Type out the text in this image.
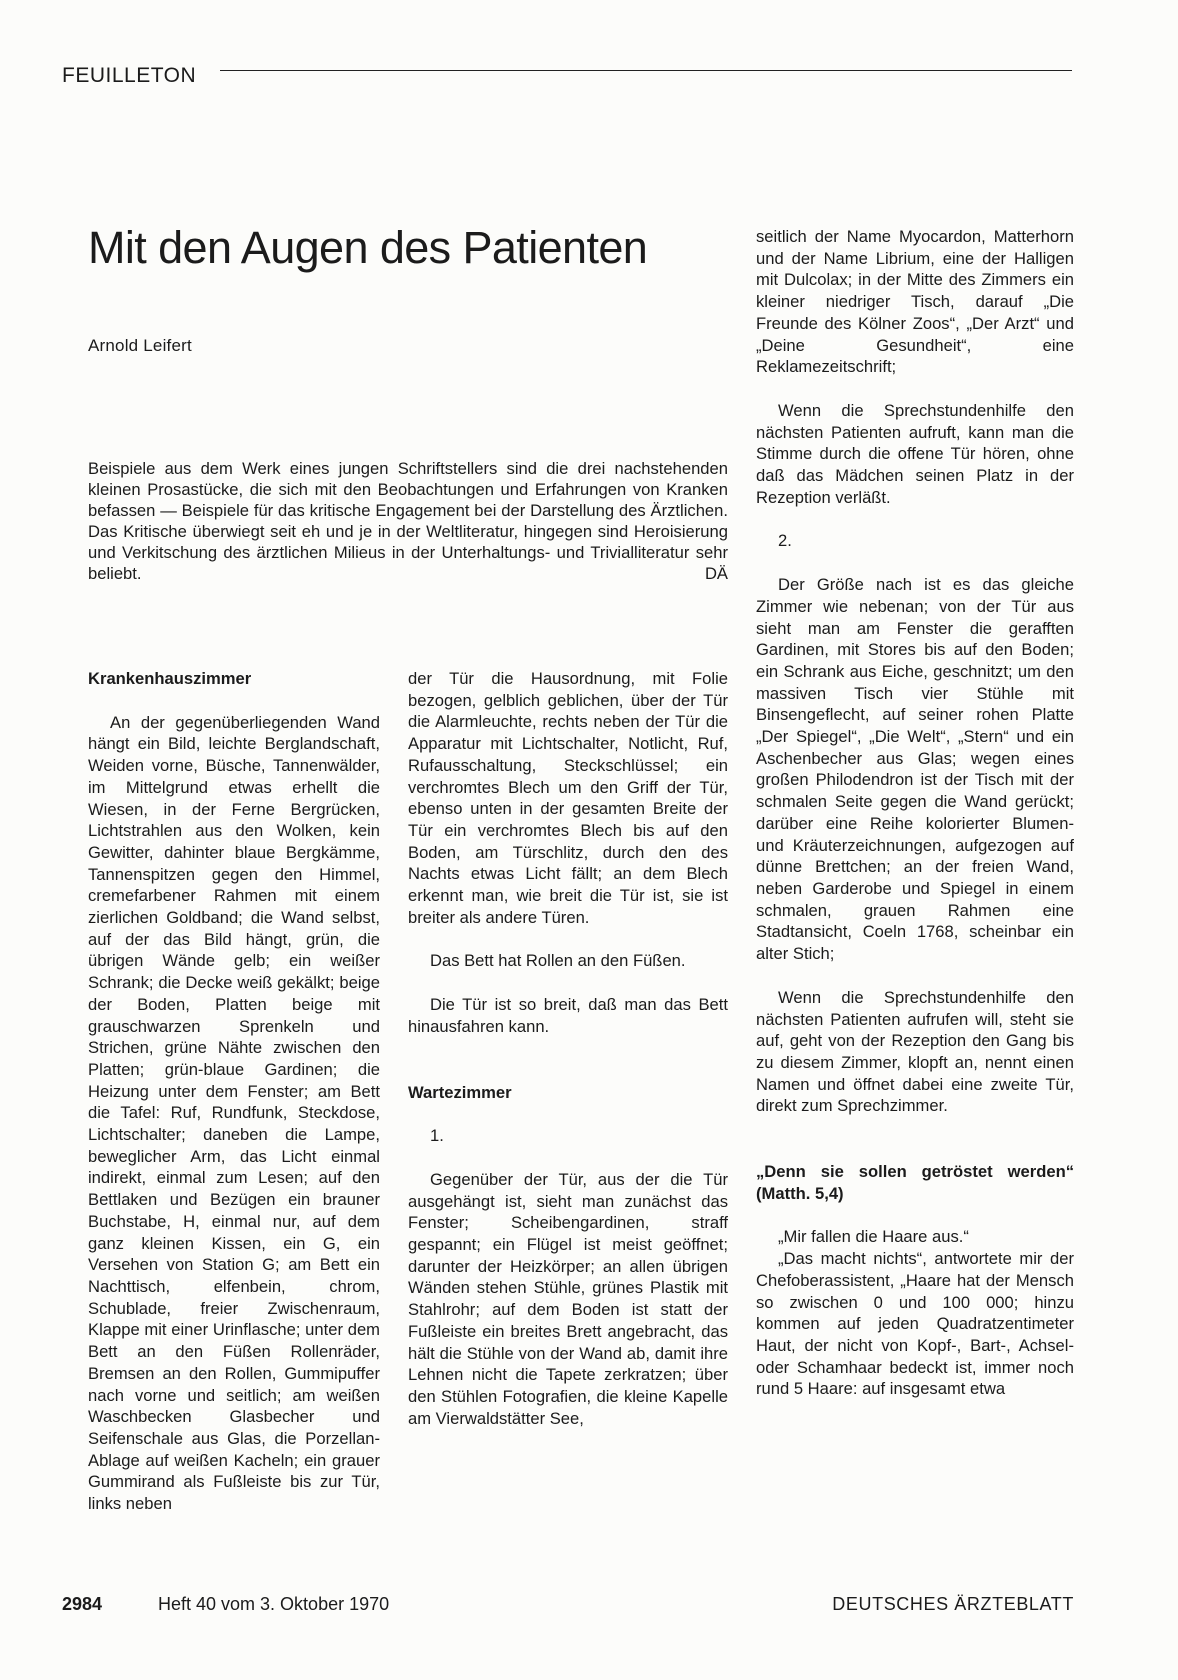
FEUILLETON
Mit den Augen des Patienten
Arnold Leifert

Beispiele aus dem Werk eines jungen Schriftstellers sind die drei nachstehenden kleinen Prosastücke, die sich mit den Beobachtungen und Erfahrungen von Kranken befassen — Beispiele für das kritische Engagement bei der Darstellung des Ärztlichen. Das Kritische überwiegt seit eh und je in der Weltliteratur, hingegen sind Heroisierung und Verkitschung des ärztlichen Milieus in der Unterhaltungs- und Trivialliteratur sehr beliebt.	DÄ

Krankenhauszimmer

An der gegenüberliegenden Wand hängt ein Bild, leichte Berglandschaft, Weiden vorne, Büsche, Tannenwälder, im Mittelgrund etwas erhellt die Wiesen, in der Ferne Bergrücken, Lichtstrahlen aus den Wolken, kein Gewitter, dahinter blaue Bergkämme, Tannenspitzen gegen den Himmel, cremefarbener Rahmen mit einem zierlichen Goldband; die Wand selbst, auf der das Bild hängt, grün, die übrigen Wände gelb; ein weißer Schrank; die Decke weiß gekälkt; beige der Boden, Platten beige mit grauschwarzen Sprenkeln und Strichen, grüne Nähte zwischen den Platten; grün-blaue Gardinen; die Heizung unter dem Fenster; am Bett die Tafel: Ruf, Rundfunk, Steckdose, Lichtschalter; daneben die Lampe, beweglicher Arm, das Licht einmal indirekt, einmal zum Lesen; auf den Bettlaken und Bezügen ein brauner Buchstabe, H, einmal nur, auf dem ganz kleinen Kissen, ein G, ein Versehen von Station G; am Bett ein Nachttisch, elfenbein, chrom, Schublade, freier Zwischenraum, Klappe mit einer Urinflasche; unter dem Bett an den Füßen Rollenräder, Bremsen an den Rollen, Gummipuffer nach vorne und seitlich; am weißen Waschbecken Glasbecher und Seifenschale aus Glas, die Porzellan-Ablage auf weißen Kacheln; ein grauer Gummirand als Fußleiste bis zur Tür, links neben

der Tür die Hausordnung, mit Folie bezogen, gelblich geblichen, über der Tür die Alarmleuchte, rechts neben der Tür die Apparatur mit Lichtschalter, Notlicht, Ruf, Rufausschaltung, Steckschlüssel; ein verchromtes Blech um den Griff der Tür, ebenso unten in der gesamten Breite der Tür ein verchromtes Blech bis auf den Boden, am Türschlitz, durch den des Nachts etwas Licht fällt; an dem Blech erkennt man, wie breit die Tür ist, sie ist breiter als andere Türen.

Das Bett hat Rollen an den Füßen.

Die Tür ist so breit, daß man das Bett hinausfahren kann.

Wartezimmer

1.

Gegenüber der Tür, aus der die Tür ausgehängt ist, sieht man zunächst das Fenster; Scheibengardinen, straff gespannt; ein Flügel ist meist geöffnet; darunter der Heizkörper; an allen übrigen Wänden stehen Stühle, grünes Plastik mit Stahlrohr; auf dem Boden ist statt der Fußleiste ein breites Brett angebracht, das hält die Stühle von der Wand ab, damit ihre Lehnen nicht die Tapete zerkratzen; über den Stühlen Fotografien, die kleine Kapelle am Vierwaldstätter See,

seitlich der Name Myocardon, Matterhorn und der Name Librium, eine der Halligen mit Dulcolax; in der Mitte des Zimmers ein kleiner niedriger Tisch, darauf „Die Freunde des Kölner Zoos“, „Der Arzt“ und „Deine Gesundheit“, eine Reklamezeitschrift;

Wenn die Sprechstundenhilfe den nächsten Patienten aufruft, kann man die Stimme durch die offene Tür hören, ohne daß das Mädchen seinen Platz in der Rezeption verläßt.

2.

Der Größe nach ist es das gleiche Zimmer wie nebenan; von der Tür aus sieht man am Fenster die gerafften Gardinen, mit Stores bis auf den Boden; ein Schrank aus Eiche, geschnitzt; um den massiven Tisch vier Stühle mit Binsengeflecht, auf seiner rohen Platte „Der Spiegel“, „Die Welt“, „Stern“ und ein Aschenbecher aus Glas; wegen eines großen Philodendron ist der Tisch mit der schmalen Seite gegen die Wand gerückt; darüber eine Reihe kolorierter Blumen- und Kräuterzeichnungen, aufgezogen auf dünne Brettchen; an der freien Wand, neben Garderobe und Spiegel in einem schmalen, grauen Rahmen eine Stadtansicht, Coeln 1768, scheinbar ein alter Stich;

Wenn die Sprechstundenhilfe den nächsten Patienten aufrufen will, steht sie auf, geht von der Rezeption den Gang bis zu diesem Zimmer, klopft an, nennt einen Namen und öffnet dabei eine zweite Tür, direkt zum Sprechzimmer.

„Denn sie sollen getröstet werden“ (Matth. 5,4)

„Mir fallen die Haare aus.“

„Das macht nichts“, antwortete mir der Chefoberassistent, „Haare hat der Mensch so zwischen 0 und 100 000; hinzu kommen auf jeden Quadratzentimeter Haut, der nicht von Kopf-, Bart-, Achsel- oder Schamhaar bedeckt ist, immer noch rund 5 Haare: auf insgesamt etwa

2984	Heft 40 vom 3. Oktober 1970	DEUTSCHES ÄRZTEBLATT
